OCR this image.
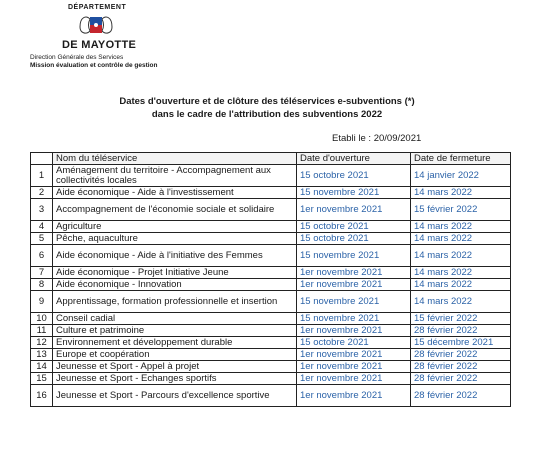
DÉPARTEMENT
DE MAYOTTE
Direction Générale des Services
Mission évaluation et contrôle de gestion
Dates d'ouverture et de clôture des téléservices e-subventions (*)
dans le cadre de l'attribution des subventions 2022
Etabli le : 20/09/2021
	Nom du téléservice	Date d'ouverture	Date de fermeture
1	Aménagement du territoire - Accompagnement aux collectivités locales	15 octobre 2021	14 janvier 2022
2	Aide économique - Aide à l'investissement	15 novembre 2021	14 mars 2022
3	Accompagnement de l'économie sociale et solidaire	1er novembre 2021	15 février 2022
4	Agriculture	15 octobre 2021	14 mars 2022
5	Pêche, aquaculture	15 octobre 2021	14 mars 2022
6	Aide économique - Aide à l'initiative des Femmes	15 novembre 2021	14 mars 2022
7	Aide économique - Projet Initiative Jeune	1er novembre 2021	14 mars 2022
8	Aide économique - Innovation	1er novembre 2021	14 mars 2022
9	Apprentissage, formation professionnelle et insertion	15 novembre 2021	14 mars 2022
10	Conseil cadial	15 novembre 2021	15 février 2022
11	Culture et patrimoine	1er novembre 2021	28 février 2022
12	Environnement et développement durable	15 octobre 2021	15 décembre 2021
13	Europe et coopération	1er novembre 2021	28 février 2022
14	Jeunesse et Sport - Appel à projet	1er novembre 2021	28 février 2022
15	Jeunesse et Sport - Echanges sportifs	1er novembre 2021	28 février 2022
16	Jeunesse et Sport - Parcours d'excellence sportive	1er novembre 2021	28 février 2022
